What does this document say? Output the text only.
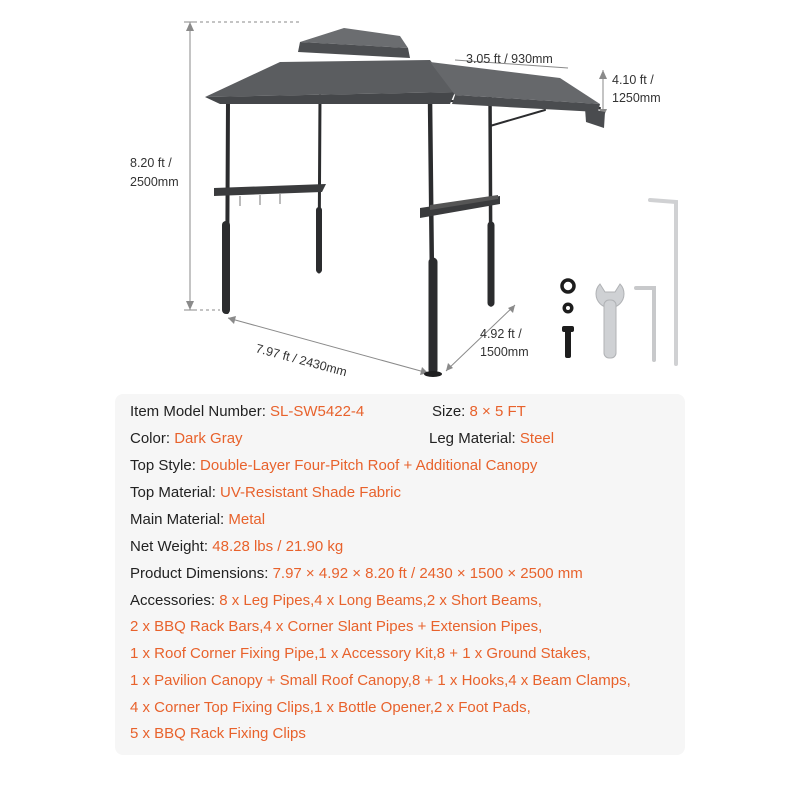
3.05 ft / 930mm
4.10 ft /
1250mm
8.20 ft /
2500mm
7.97 ft / 2430mm
4.92 ft /
1500mm
Item Model Number: SL-SW5422-4	Size: 8 × 5 FT
Color: Dark Gray	Leg Material: Steel
Top Style: Double-Layer Four-Pitch Roof + Additional Canopy
Top Material: UV-Resistant Shade Fabric
Main Material: Metal
Net Weight: 48.28 lbs / 21.90 kg
Product Dimensions: 7.97 × 4.92 × 8.20 ft / 2430 × 1500 × 2500 mm
Accessories: 8 x Leg Pipes,4 x Long Beams,2 x Short Beams,
2 x BBQ Rack Bars,4 x Corner Slant Pipes + Extension Pipes,
1 x Roof Corner Fixing Pipe,1 x Accessory Kit,8 + 1 x Ground Stakes,
1 x Pavilion Canopy + Small Roof Canopy,8 + 1 x Hooks,4 x Beam Clamps,
4 x Corner Top Fixing Clips,1 x Bottle Opener,2 x Foot Pads,
5 x BBQ Rack Fixing Clips
